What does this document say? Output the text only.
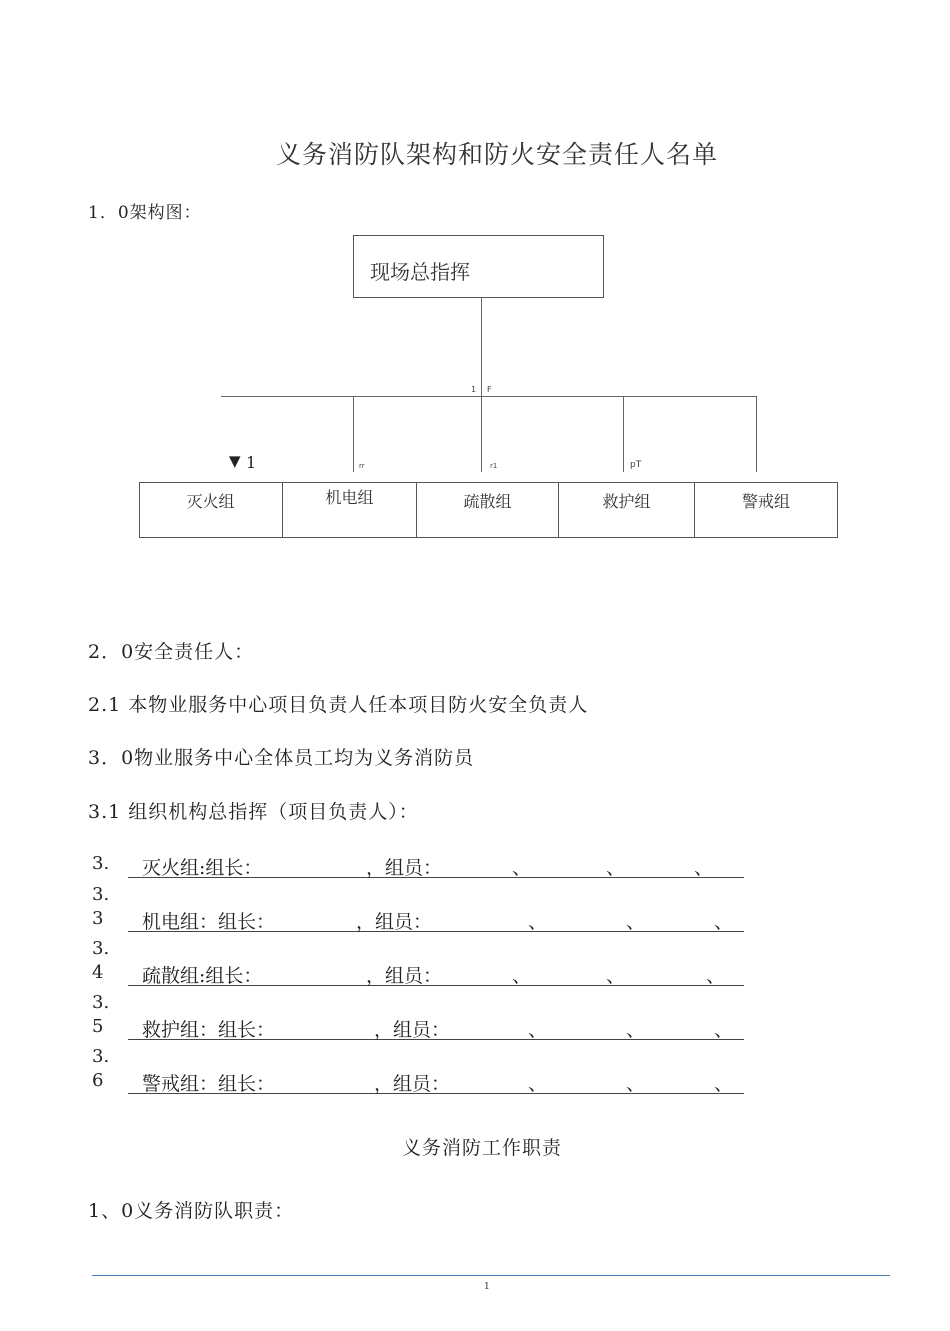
义务消防队架构和防火安全责任人名单
1．0架构图：
现场总指挥
1 F
▼ 1	rr	r1	pT
灭火组	机电组	疏散组	救护组	警戒组
2．0安全责任人：
2.1 本物业服务中心项目负责人任本项目防火安全负责人
3．0物业服务中心全体员工均为义务消防员
3.1 组织机构总指挥（项目负责人）：
3. 灭火组:组长：	，组员：	、	、	、
3.
3 机电组：组长：	，组员：	、	、	、
3.
4 疏散组:组长：	，组员：	、	、	、
3.
5 救护组：组长：	，组员：	、	、	、
3.
6 警戒组：组长：	，组员：	、	、	、
义务消防工作职责
1、0义务消防队职责：
1
